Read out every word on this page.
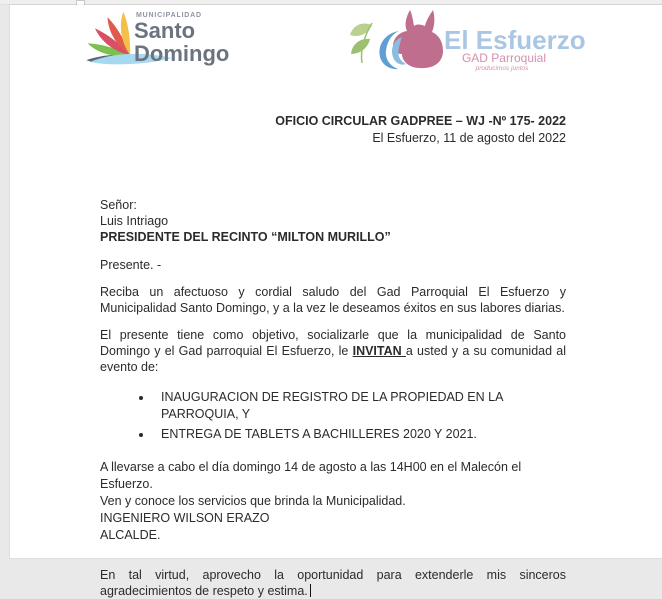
MUNICIPALIDAD
Santo
Domingo	El Esfuerzo
GAD Parroquial
producimos juntos
OFICIO CIRCULAR GADPREE – WJ -Nº 175- 2022
El Esfuerzo, 11 de agosto del 2022
Señor:
Luis Intriago
PRESIDENTE DEL RECINTO “MILTON MURILLO”

Presente. -

Reciba un afectuoso y cordial saludo del Gad Parroquial El Esfuerzo y Municipalidad Santo Domingo, y a la vez le deseamos éxitos en sus labores diarias.

El presente tiene como objetivo, socializarle que la municipalidad de Santo Domingo y el Gad parroquial El Esfuerzo, le INVITAN a usted y a su comunidad al evento de:

• INAUGURACION DE REGISTRO DE LA PROPIEDAD EN LA PARROQUIA, Y
• ENTREGA DE TABLETS A BACHILLERES 2020 Y 2021.
A llevarse a cabo el día domingo 14 de agosto a las 14H00 en el Malecón el Esfuerzo.
Ven y conoce los servicios que brinda la Municipalidad.
INGENIERO WILSON ERAZO
ALCALDE.

En tal virtud, aprovecho la oportunidad para extenderle mis sinceros agradecimientos de respeto y estima.
